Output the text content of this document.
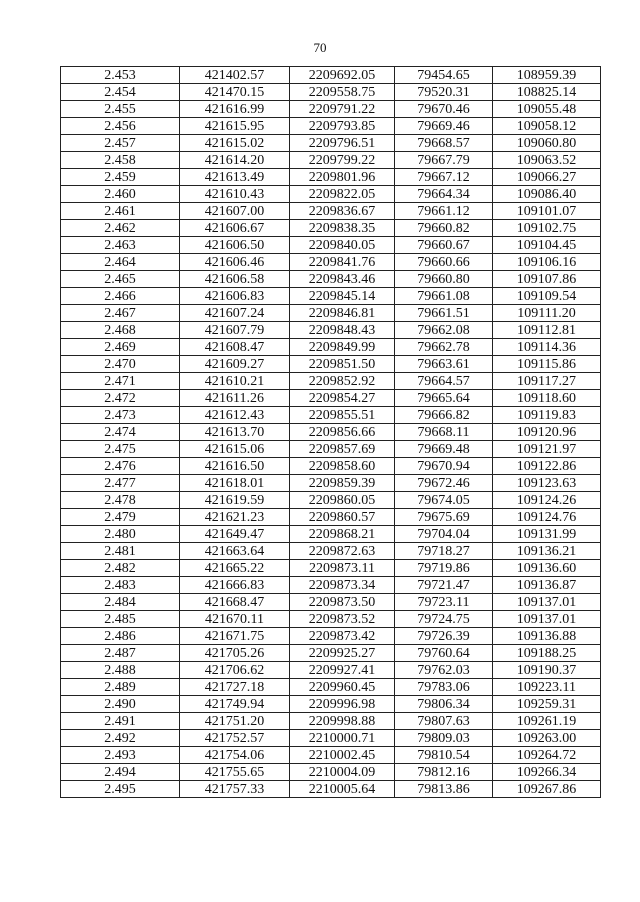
70
2.453	421402.57	2209692.05	79454.65	108959.39
2.454	421470.15	2209558.75	79520.31	108825.14
2.455	421616.99	2209791.22	79670.46	109055.48
2.456	421615.95	2209793.85	79669.46	109058.12
2.457	421615.02	2209796.51	79668.57	109060.80
2.458	421614.20	2209799.22	79667.79	109063.52
2.459	421613.49	2209801.96	79667.12	109066.27
2.460	421610.43	2209822.05	79664.34	109086.40
2.461	421607.00	2209836.67	79661.12	109101.07
2.462	421606.67	2209838.35	79660.82	109102.75
2.463	421606.50	2209840.05	79660.67	109104.45
2.464	421606.46	2209841.76	79660.66	109106.16
2.465	421606.58	2209843.46	79660.80	109107.86
2.466	421606.83	2209845.14	79661.08	109109.54
2.467	421607.24	2209846.81	79661.51	109111.20
2.468	421607.79	2209848.43	79662.08	109112.81
2.469	421608.47	2209849.99	79662.78	109114.36
2.470	421609.27	2209851.50	79663.61	109115.86
2.471	421610.21	2209852.92	79664.57	109117.27
2.472	421611.26	2209854.27	79665.64	109118.60
2.473	421612.43	2209855.51	79666.82	109119.83
2.474	421613.70	2209856.66	79668.11	109120.96
2.475	421615.06	2209857.69	79669.48	109121.97
2.476	421616.50	2209858.60	79670.94	109122.86
2.477	421618.01	2209859.39	79672.46	109123.63
2.478	421619.59	2209860.05	79674.05	109124.26
2.479	421621.23	2209860.57	79675.69	109124.76
2.480	421649.47	2209868.21	79704.04	109131.99
2.481	421663.64	2209872.63	79718.27	109136.21
2.482	421665.22	2209873.11	79719.86	109136.60
2.483	421666.83	2209873.34	79721.47	109136.87
2.484	421668.47	2209873.50	79723.11	109137.01
2.485	421670.11	2209873.52	79724.75	109137.01
2.486	421671.75	2209873.42	79726.39	109136.88
2.487	421705.26	2209925.27	79760.64	109188.25
2.488	421706.62	2209927.41	79762.03	109190.37
2.489	421727.18	2209960.45	79783.06	109223.11
2.490	421749.94	2209996.98	79806.34	109259.31
2.491	421751.20	2209998.88	79807.63	109261.19
2.492	421752.57	2210000.71	79809.03	109263.00
2.493	421754.06	2210002.45	79810.54	109264.72
2.494	421755.65	2210004.09	79812.16	109266.34
2.495	421757.33	2210005.64	79813.86	109267.86
